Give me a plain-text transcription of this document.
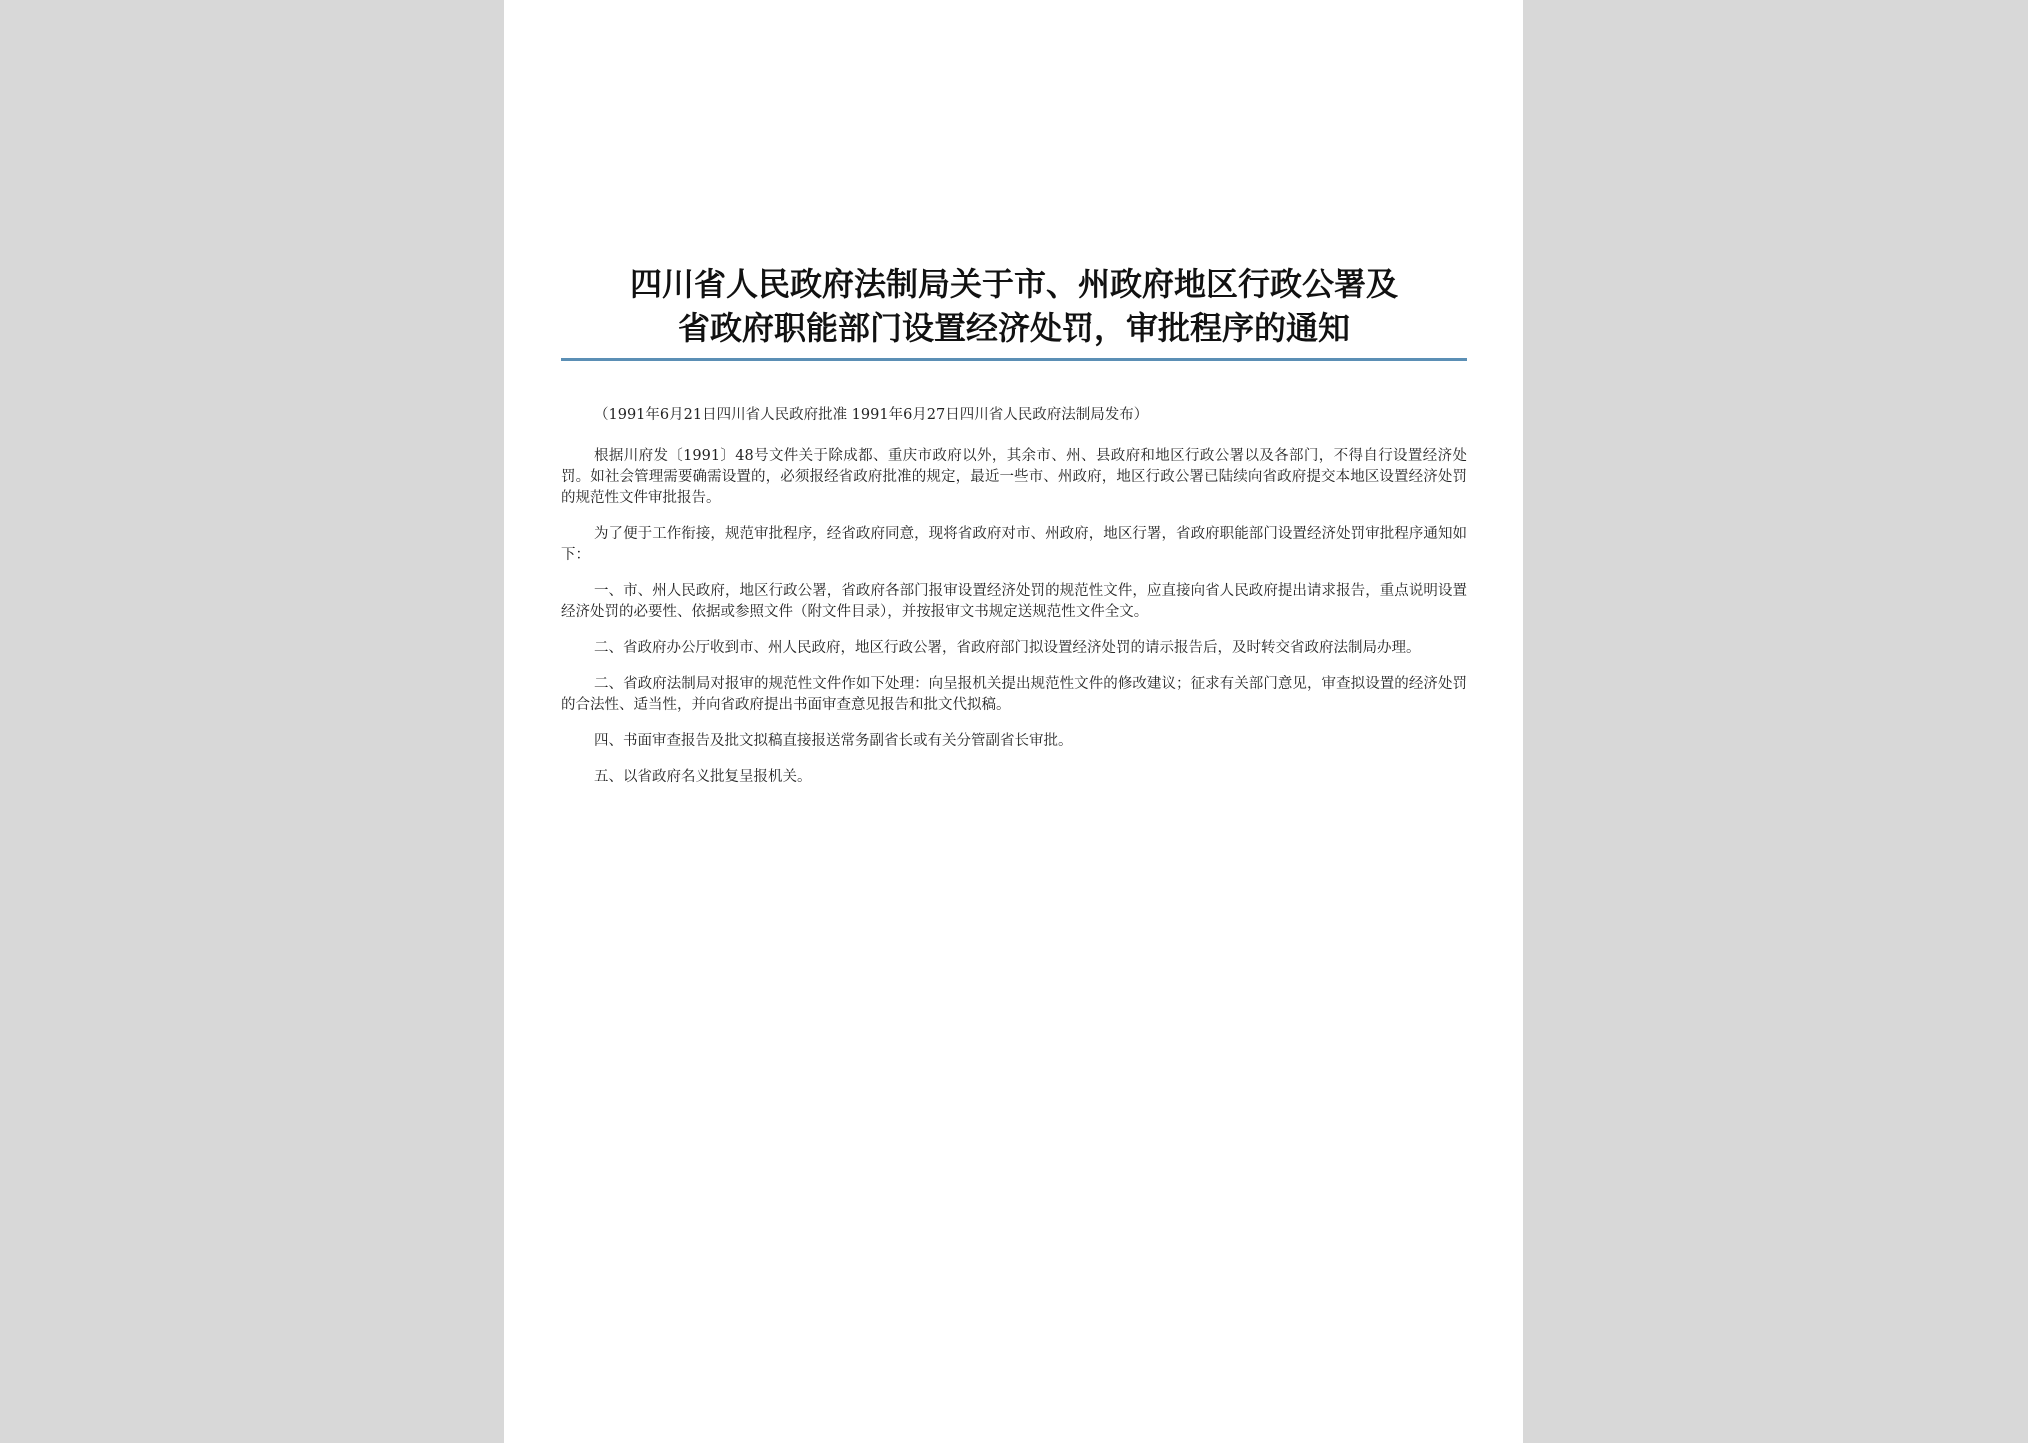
四川省人民政府法制局关于市、州政府地区行政公署及
省政府职能部门设置经济处罚，审批程序的通知

（1991年6月21日四川省人民政府批准 1991年6月27日四川省人民政府法制局发布）

根据川府发〔1991〕48号文件关于除成都、重庆市政府以外，其余市、州、县政府和地区行政公署以及各部门，不得自行设置经济处罚。如社会管理需要确需设置的，必须报经省政府批准的规定，最近一些市、州政府，地区行政公署已陆续向省政府提交本地区设置经济处罚的规范性文件审批报告。

为了便于工作衔接，规范审批程序，经省政府同意，现将省政府对市、州政府，地区行署，省政府职能部门设置经济处罚审批程序通知如下：

一、市、州人民政府，地区行政公署，省政府各部门报审设置经济处罚的规范性文件，应直接向省人民政府提出请求报告，重点说明设置经济处罚的必要性、依据或参照文件（附文件目录），并按报审文书规定送规范性文件全文。

二、省政府办公厅收到市、州人民政府，地区行政公署，省政府部门拟设置经济处罚的请示报告后，及时转交省政府法制局办理。

二、省政府法制局对报审的规范性文件作如下处理：向呈报机关提出规范性文件的修改建议；征求有关部门意见，审查拟设置的经济处罚的合法性、适当性，并向省政府提出书面审查意见报告和批文代拟稿。

四、书面审查报告及批文拟稿直接报送常务副省长或有关分管副省长审批。

五、以省政府名义批复呈报机关。
